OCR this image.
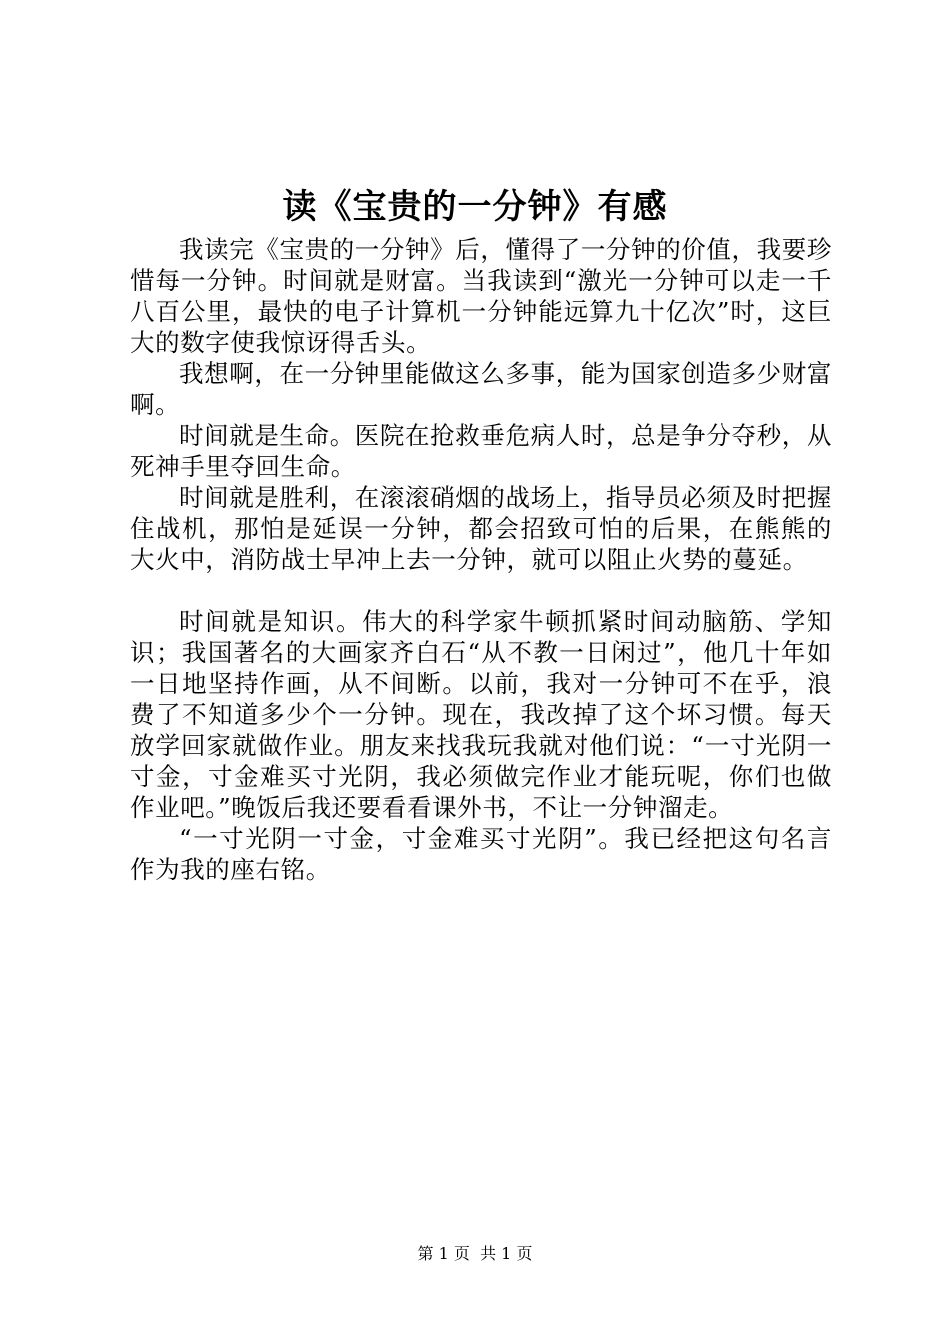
读《宝贵的一分钟》有感

我读完《宝贵的一分钟》后，懂得了一分钟的价值，我要珍惜每一分钟。时间就是财富。当我读到“激光一分钟可以走一千八百公里，最快的电子计算机一分钟能远算九十亿次”时，这巨大的数字使我惊讶得舌头。

我想啊，在一分钟里能做这么多事，能为国家创造多少财富啊。

时间就是生命。医院在抢救垂危病人时，总是争分夺秒，从死神手里夺回生命。

时间就是胜利，在滚滚硝烟的战场上，指导员必须及时把握住战机，那怕是延误一分钟，都会招致可怕的后果，在熊熊的大火中，消防战士早冲上去一分钟，就可以阻止火势的蔓延。

时间就是知识。伟大的科学家牛顿抓紧时间动脑筋、学知识；我国著名的大画家齐白石“从不教一日闲过”，他几十年如一日地坚持作画，从不间断。以前，我对一分钟可不在乎，浪费了不知道多少个一分钟。现在，我改掉了这个坏习惯。每天放学回家就做作业。朋友来找我玩我就对他们说：“一寸光阴一寸金，寸金难买寸光阴，我必须做完作业才能玩呢，你们也做作业吧。”晚饭后我还要看看课外书，不让一分钟溜走。

“一寸光阴一寸金，寸金难买寸光阴”。我已经把这句名言作为我的座右铭。

第 1 页  共 1 页
